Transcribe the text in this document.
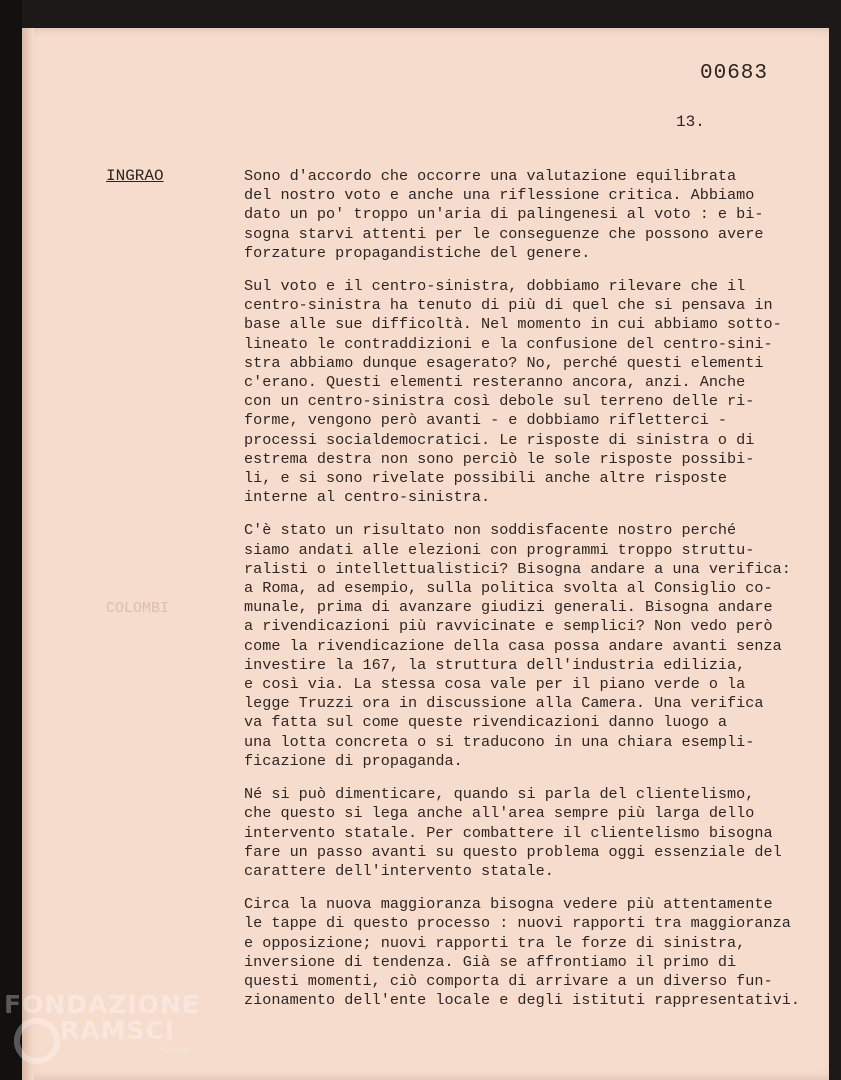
00683
13.
INGRAO
COLOMBI
Sono d'accordo che occorre una valutazione equilibrata
del nostro voto e anche una riflessione critica. Abbiamo
dato un po' troppo un'aria di palingenesi al voto : e bi-
sogna starvi attenti per le conseguenze che possono avere
forzature propagandistiche del genere.
Sul voto e il centro-sinistra, dobbiamo rilevare che il
centro-sinistra ha tenuto di più di quel che si pensava in
base alle sue difficoltà. Nel momento in cui abbiamo sotto-
lineato le contraddizioni e la confusione del centro-sini-
stra abbiamo dunque esagerato? No, perché questi elementi
c'erano. Questi elementi resteranno ancora, anzi. Anche
con un centro-sinistra così debole sul terreno delle ri-
forme, vengono però avanti - e dobbiamo rifletterci -
processi socialdemocratici. Le risposte di sinistra o di
estrema destra non sono perciò le sole risposte possibi-
li, e si sono rivelate possibili anche altre risposte
interne al centro-sinistra.
C'è stato un risultato non soddisfacente nostro perché
siamo andati alle elezioni con programmi troppo struttu-
ralisti o intellettualistici? Bisogna andare a una verifica:
a Roma, ad esempio, sulla politica svolta al Consiglio co-
munale, prima di avanzare giudizi generali. Bisogna andare
a rivendicazioni più ravvicinate e semplici? Non vedo però
come la rivendicazione della casa possa andare avanti senza
investire la 167, la struttura dell'industria edilizia,
e così via. La stessa cosa vale per il piano verde o la
legge Truzzi ora in discussione alla Camera. Una verifica
va fatta sul come queste rivendicazioni danno luogo a
una lotta concreta o si traducono in una chiara esempli-
ficazione di propaganda.
Né si può dimenticare, quando si parla del clientelismo,
che questo si lega anche all'area sempre più larga dello
intervento statale. Per combattere il clientelismo bisogna
fare un passo avanti su questo problema oggi essenziale del
carattere dell'intervento statale.
Circa la nuova maggioranza bisogna vedere più attentamente
le tappe di questo processo : nuovi rapporti tra maggioranza
e opposizione; nuovi rapporti tra le forze di sinistra,
inversione di tendenza. Già se affrontiamo il primo di
questi momenti, ciò comporta di arrivare a un diverso fun-
zionamento dell'ente locale e degli istituti rappresentativi.
FONDAZIONE
RAMSCI
Onlus
